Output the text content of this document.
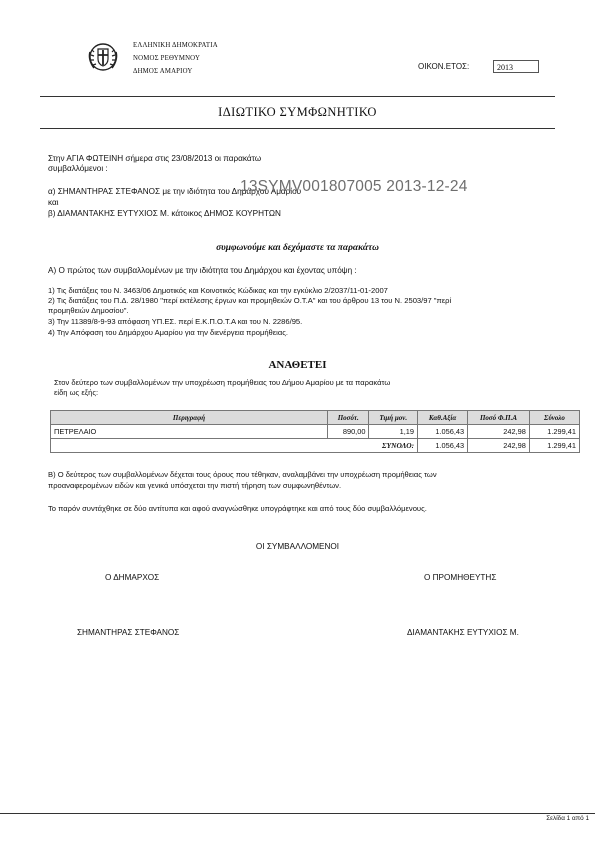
ΕΛΛΗΝΙΚΗ ΔΗΜΟΚΡΑΤΙΑ
ΝΟΜΟΣ ΡΕΘΥΜΝΟΥ
ΔΗΜΟΣ ΑΜΑΡΙΟΥ
ΟΙΚΟΝ.ΕΤΟΣ:	2013
ΙΔΙΩΤΙΚΟ ΣΥΜΦΩΝΗΤΙΚΟ
Στην ΑΓΙΑ ΦΩΤΕΙΝΗ σήμερα στις 23/08/2013 οι παρακάτω
συμβαλλόμενοι :
α) ΣΗΜΑΝΤΗΡΑΣ ΣΤΕΦΑΝΟΣ με την ιδιότητα του Δημάρχου Αμαρίου
και
β) ΔΙΑΜΑΝΤΑΚΗΣ ΕΥΤΥΧΙΟΣ Μ. κάτοικος ΔΗΜΟΣ ΚΟΥΡΗΤΩΝ
13SYMV001807005 2013-12-24
συμφωνούμε και δεχόμαστε τα παρακάτω
Α) Ο πρώτος των συμβαλλομένων με την ιδιότητα του Δημάρχου και έχοντας υπόψη :
1) Τις διατάξεις του Ν. 3463/06 Δημοτικός και Κοινοτικός Κώδικας και την εγκύκλιο 2/2037/11-01-2007
2) Τις διατάξεις του Π.Δ. 28/1980 "περί εκτέλεσης έργων και προμηθειών Ο.Τ.Α" και του άρθρου 13 του Ν. 2503/97 "περί
προμηθειών Δημοσίου".
3) Την 11389/8-9-93 απόφαση ΥΠ.ΕΣ. περί Ε.Κ.Π.Ο.Τ.Α και του Ν. 2286/95.
4) Την Απόφαση του Δημάρχου Αμαρίου για την διενέργεια προμήθειας.
ΑΝΑΘΕΤΕΙ
Στον δεύτερο των συμβαλλομένων την υποχρέωση προμήθειας του Δήμου Αμαρίου με τα παρακάτω
είδη ως εξής:
Περιγραφή	Ποσότ.	Τιμή μον.	Καθ.Αξία	Ποσό Φ.Π.Α	Σύνολο
ΠΕΤΡΕΛΑΙΟ	890,00	1,19	1.056,43	242,98	1.299,41
ΣΥΝΟΛΟ:			1.056,43	242,98	1.299,41
Β) Ο δεύτερος των συμβαλλομένων δέχεται τους όρους που τέθηκαν, αναλαμβάνει την υποχρέωση προμήθειας των
προαναφερομένων ειδών και γενικά υπόσχεται την πιστή τήρηση των συμφωνηθέντων.
Το παρόν συντάχθηκε σε δύο αντίτυπα και αφού αναγνώσθηκε υπογράφτηκε και από τους δύο συμβαλλόμενους.
ΟΙ ΣΥΜΒΑΛΛΟΜΕΝΟΙ
Ο ΔΗΜΑΡΧΟΣ	Ο ΠΡΟΜΗΘΕΥΤΗΣ
ΣΗΜΑΝΤΗΡΑΣ ΣΤΕΦΑΝΟΣ	ΔΙΑΜΑΝΤΑΚΗΣ ΕΥΤΥΧΙΟΣ Μ.
Σελίδα 1 από 1
